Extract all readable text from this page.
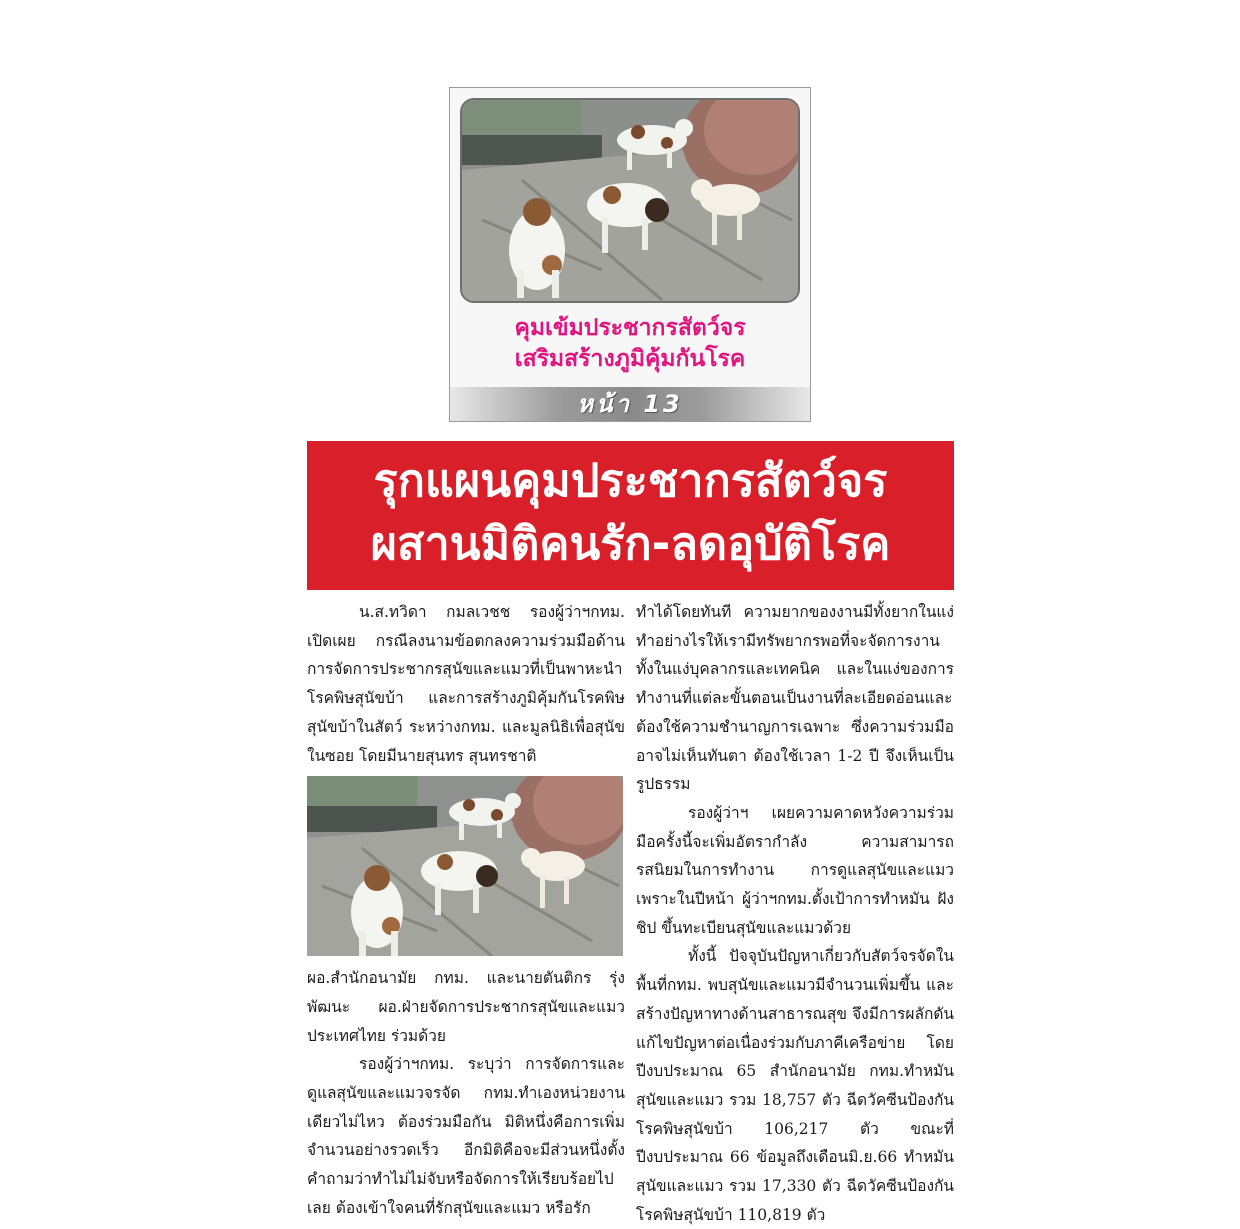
คุมเข้มประชากรสัตว์จร
เสริมสร้างภูมิคุ้มกันโรค
หน้า 13
รุกแผนคุมประชากรสัตว์จร
ผสานมิติคนรัก-ลดอุบัติโรค

น.ส.ทวิดา กมลเวชช รองผู้ว่าฯกทม. เปิดเผย กรณีลงนามข้อตกลงความร่วมมือด้านการจัดการประชากรสุนัขและแมวที่เป็นพาหะนำโรคพิษสุนัขบ้า และการสร้างภูมิคุ้มกันโรคพิษสุนัขบ้าในสัตว์ ระหว่างกทม. และมูลนิธิเพื่อสุนัขในซอย โดยมีนายสุนทร สุนทรชาติ

ผอ.สำนักอนามัย กทม. และนายตันติกร รุ่งพัฒนะ ผอ.ฝ่ายจัดการประชากรสุนัขและแมวประเทศไทย ร่วมด้วย

รองผู้ว่าฯกทม. ระบุว่า การจัดการและดูแลสุนัขและแมวจรจัด กทม.ทำเองหน่วยงานเดียวไม่ไหว ต้องร่วมมือกัน มิติหนึ่งคือการเพิ่มจำนวนอย่างรวดเร็ว อีกมิติคือจะมีส่วนหนึ่งตั้งคำถามว่าทำไม่ไม่จับหรือจัดการให้เรียบร้อยไปเลย ต้องเข้าใจคนที่รักสุนัขและแมว หรือรัก

ทำได้โดยทันที ความยากของงานมีทั้งยากในแง่ทำอย่างไรให้เรามีทรัพยากรพอที่จะจัดการงานทั้งในแง่บุคลากรและเทคนิค และในแง่ของการทำงานที่แต่ละขั้นตอนเป็นงานที่ละเอียดอ่อนและต้องใช้ความชำนาญการเฉพาะ ซึ่งความร่วมมืออาจไม่เห็นทันตา ต้องใช้เวลา 1-2 ปี จึงเห็นเป็นรูปธรรม

รองผู้ว่าฯ เผยความคาดหวังความร่วมมือครั้งนี้จะเพิ่มอัตรากำลัง ความสามารถ รสนิยมในการทำงาน การดูแลสุนัขและแมว เพราะในปีหน้า ผู้ว่าฯกทม.ตั้งเป้าการทำหมัน ฝังชิป ขึ้นทะเบียนสุนัขและแมวด้วย

ทั้งนี้ ปัจจุบันปัญหาเกี่ยวกับสัตว์จรจัดในพื้นที่กทม. พบสุนัขและแมวมีจำนวนเพิ่มขึ้น และสร้างปัญหาทางด้านสาธารณสุข จึงมีการผลักดันแก้ไขปัญหาต่อเนื่องร่วมกับภาคีเครือข่าย โดยปีงบประมาณ 65 สำนักอนามัย กทม.ทำหมันสุนัขและแมว รวม 18,757 ตัว ฉีดวัคซีนป้องกันโรคพิษสุนัขบ้า 106,217 ตัว ขณะที่ปีงบประมาณ 66 ข้อมูลถึงเดือนมิ.ย.66 ทำหมันสุนัขและแมว รวม 17,330 ตัว ฉีดวัคซีนป้องกันโรคพิษสุนัขบ้า 110,819 ตัว
